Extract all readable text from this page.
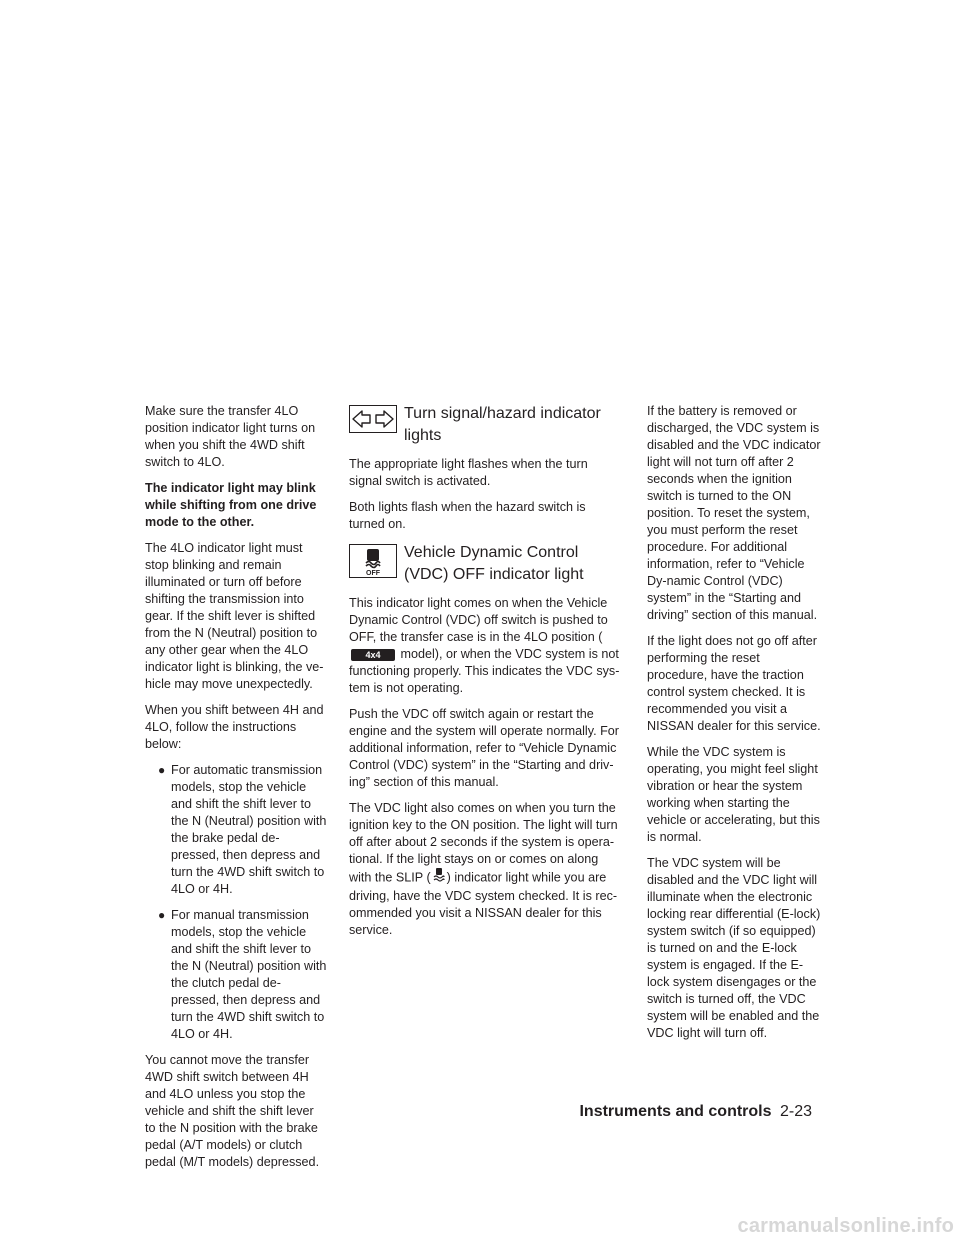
Make sure the transfer 4LO position indicator light turns on when you shift the 4WD shift switch to 4LO.

The indicator light may blink while shifting from one drive mode to the other.

The 4LO indicator light must stop blinking and remain illuminated or turn off before shifting the transmission into gear. If the shift lever is shifted from the N (Neutral) position to any other gear when the 4LO indicator light is blinking, the ve-hicle may move unexpectedly.

When you shift between 4H and 4LO, follow the instructions below:

● For automatic transmission models, stop the vehicle and shift the shift lever to the N (Neutral) position with the brake pedal de-pressed, then depress and turn the 4WD shift switch to 4LO or 4H.
● For manual transmission models, stop the vehicle and shift the shift lever to the N (Neutral) position with the clutch pedal de-pressed, then depress and turn the 4WD shift switch to 4LO or 4H.

You cannot move the transfer 4WD shift switch between 4H and 4LO unless you stop the vehicle and shift the shift lever to the N position with the brake pedal (A/T models) or clutch pedal (M/T models) depressed.

Turn signal/hazard indicator lights

The appropriate light flashes when the turn signal switch is activated.

Both lights flash when the hazard switch is turned on.

OFF
Vehicle Dynamic Control (VDC) OFF indicator light

This indicator light comes on when the Vehicle Dynamic Control (VDC) off switch is pushed to OFF, the transfer case is in the 4LO position (4x4 model), or when the VDC system is not functioning properly. This indicates the VDC sys-tem is not operating.

Push the VDC off switch again or restart the engine and the system will operate normally. For additional information, refer to “Vehicle Dynamic Control (VDC) system” in the “Starting and driv-ing” section of this manual.

The VDC light also comes on when you turn the ignition key to the ON position. The light will turn off after about 2 seconds if the system is opera-tional. If the light stays on or comes on along with the SLIP ( ) indicator light while you are driving, have the VDC system checked. It is rec-ommended you visit a NISSAN dealer for this service.

If the battery is removed or discharged, the VDC system is disabled and the VDC indicator light will not turn off after 2 seconds when the ignition switch is turned to the ON position. To reset the system, you must perform the reset procedure. For additional information, refer to “Vehicle Dy-namic Control (VDC) system” in the “Starting and driving” section of this manual.

If the light does not go off after performing the reset procedure, have the traction control system checked. It is recommended you visit a NISSAN dealer for this service.

While the VDC system is operating, you might feel slight vibration or hear the system working when starting the vehicle or accelerating, but this is normal.

The VDC system will be disabled and the VDC light will illuminate when the electronic locking rear differential (E-lock) system switch (if so equipped) is turned on and the E-lock system is engaged. If the E-lock system disengages or the switch is turned off, the VDC system will be enabled and the VDC light will turn off.

Instruments and controls 2-23
carmanualsonline.info
